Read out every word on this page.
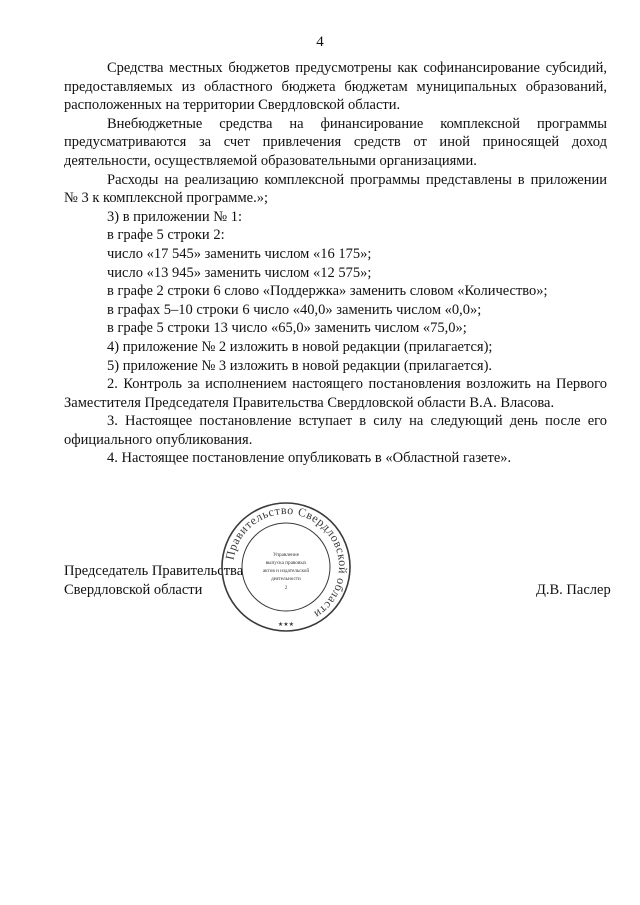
4

Средства местных бюджетов предусмотрены как софинансирование субсидий, предоставляемых из областного бюджета бюджетам муниципальных образований, расположенных на территории Свердловской области.

Внебюджетные средства на финансирование комплексной программы предусматриваются за счет привлечения средств от иной приносящей доход деятельности, осуществляемой образовательными организациями.

Расходы на реализацию комплексной программы представлены в приложении № 3 к комплексной программе.»;

3) в приложении № 1:

в графе 5 строки 2:

число «17 545» заменить числом «16 175»;

число «13 945» заменить числом «12 575»;

в графе 2 строки 6 слово «Поддержка» заменить словом «Количество»;

в графах 5–10 строки 6 число «40,0» заменить числом «0,0»;

в графе 5 строки 13 число «65,0» заменить числом «75,0»;

4) приложение № 2 изложить в новой редакции (прилагается);

5) приложение № 3 изложить в новой редакции (прилагается).

2. Контроль за исполнением настоящего постановления возложить на Первого Заместителя Председателя Правительства Свердловской области В.А. Власова.

3. Настоящее постановление вступает в силу на следующий день после его официального опубликования.

4. Настоящее постановление опубликовать в «Областной газете».

Председатель Правительства
Свердловской области	Д.В. Паслер
Правительство Свердловской области
Управление
выпуска правовых
актов и издательской
деятельности
2
★★★
